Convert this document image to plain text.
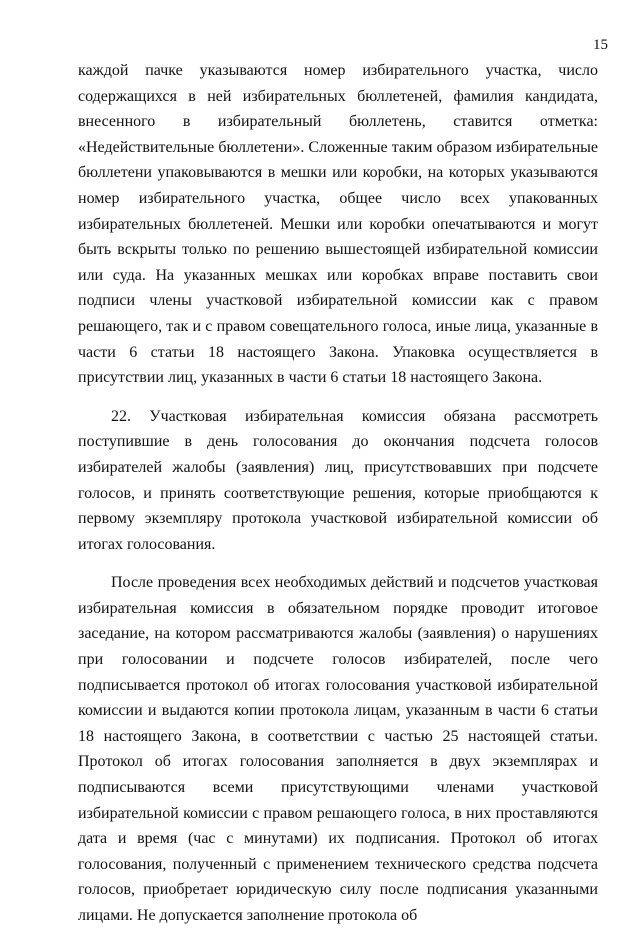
15

каждой пачке указываются номер избирательного участка, число содержащихся в ней избирательных бюллетеней, фамилия кандидата, внесенного в избирательный бюллетень, ставится отметка: «Недействительные бюллетени». Сложенные таким образом избирательные бюллетени упаковываются в мешки или коробки, на которых указываются номер избирательного участка, общее число всех упакованных избирательных бюллетеней. Мешки или коробки опечатываются и могут быть вскрыты только по решению вышестоящей избирательной комиссии или суда. На указанных мешках или коробках вправе поставить свои подписи члены участковой избирательной комиссии как с правом решающего, так и с правом совещательного голоса, иные лица, указанные в части 6 статьи 18 настоящего Закона. Упаковка осуществляется в присутствии лиц, указанных в части 6 статьи 18 настоящего Закона.

22. Участковая избирательная комиссия обязана рассмотреть поступившие в день голосования до окончания подсчета голосов избирателей жалобы (заявления) лиц, присутствовавших при подсчете голосов, и принять соответствующие решения, которые приобщаются к первому экземпляру протокола участковой избирательной комиссии об итогах голосования.

После проведения всех необходимых действий и подсчетов участковая избирательная комиссия в обязательном порядке проводит итоговое заседание, на котором рассматриваются жалобы (заявления) о нарушениях при голосовании и подсчете голосов избирателей, после чего подписывается протокол об итогах голосования участковой избирательной комиссии и выдаются копии протокола лицам, указанным в части 6 статьи 18 настоящего Закона, в соответствии с частью 25 настоящей статьи. Протокол об итогах голосования заполняется в двух экземплярах и подписываются всеми присутствующими членами участковой избирательной комиссии с правом решающего голоса, в них проставляются дата и время (час с минутами) их подписания. Протокол об итогах голосования, полученный с применением технического средства подсчета голосов, приобретает юридическую силу после подписания указанными лицами. Не допускается заполнение протокола об
